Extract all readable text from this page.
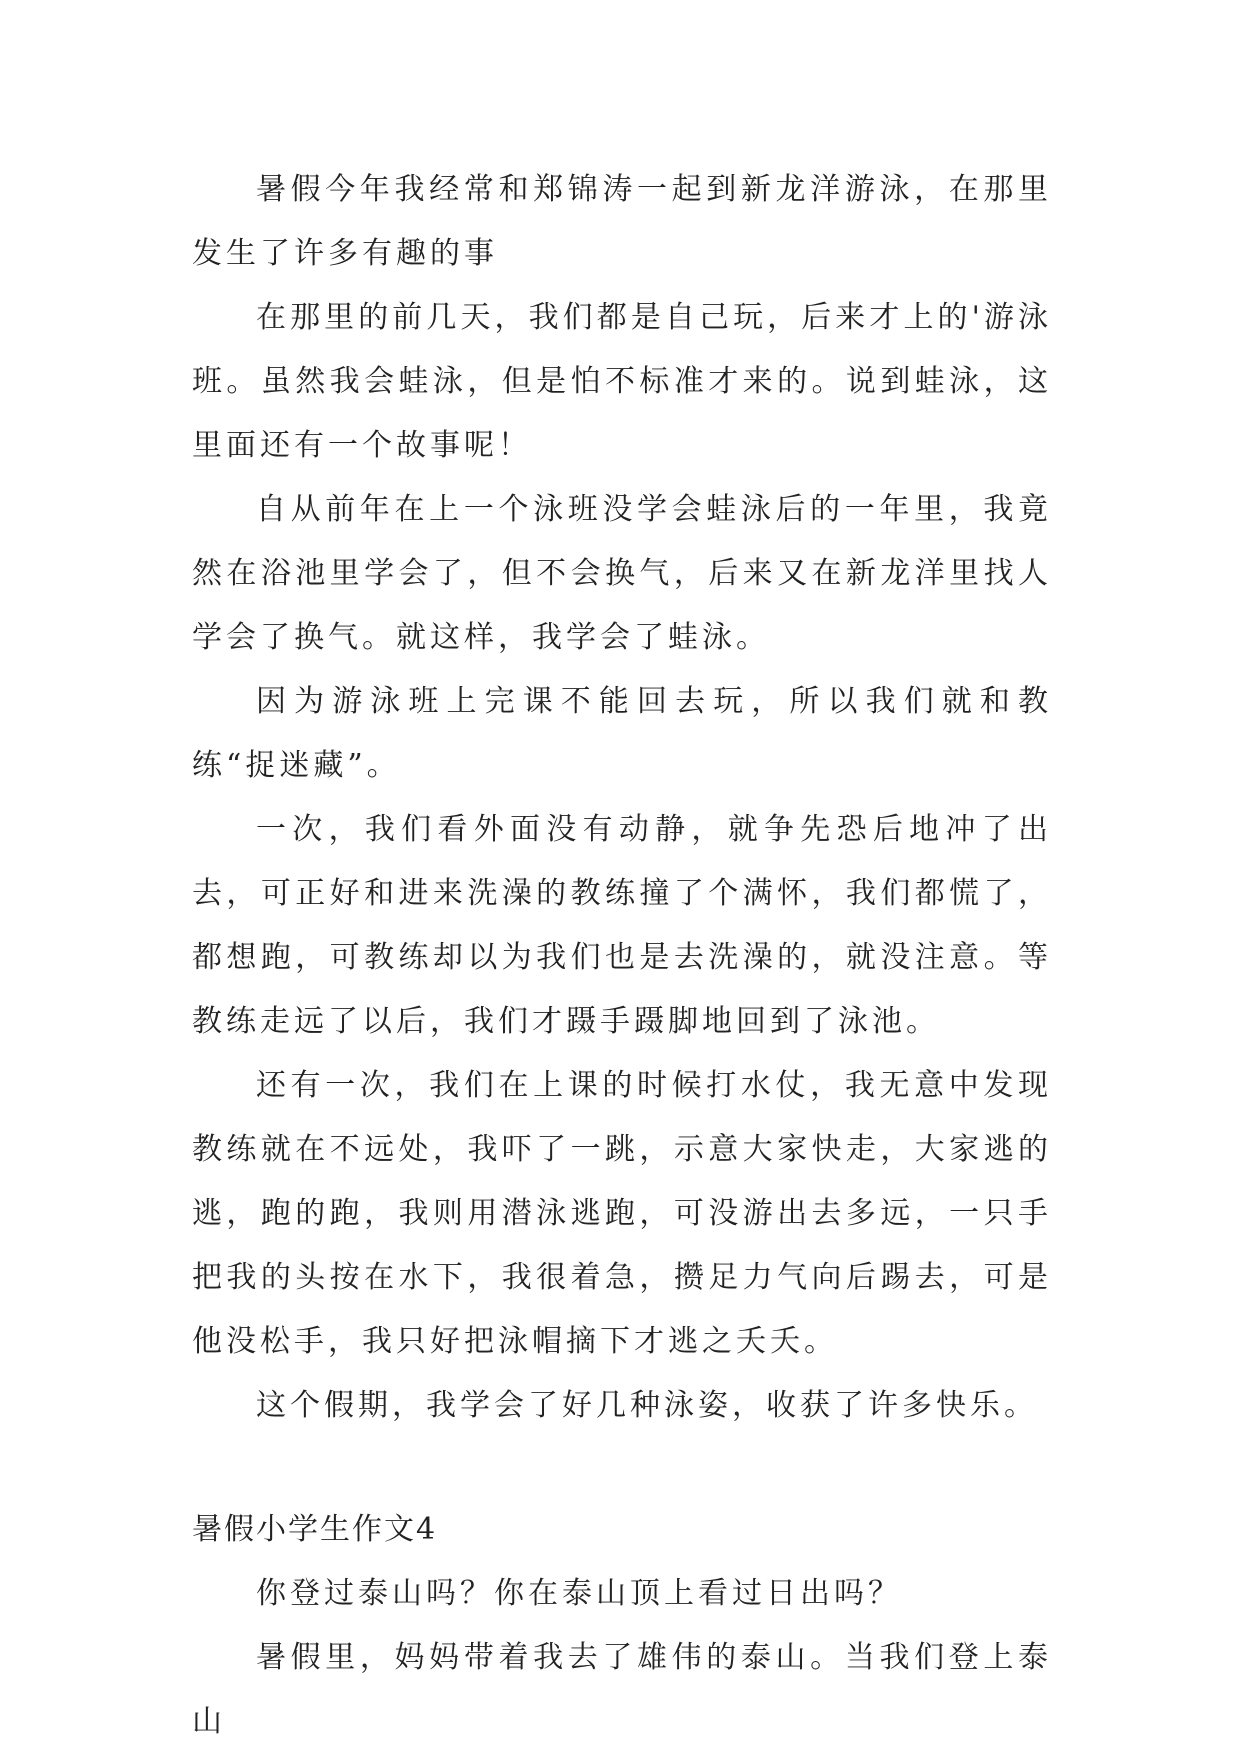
暑假今年我经常和郑锦涛一起到新龙洋游泳，在那里发生了许多有趣的事

在那里的前几天，我们都是自己玩，后来才上的'游泳班。虽然我会蛙泳，但是怕不标准才来的。说到蛙泳，这里面还有一个故事呢！

自从前年在上一个泳班没学会蛙泳后的一年里，我竟然在浴池里学会了，但不会换气，后来又在新龙洋里找人学会了换气。就这样，我学会了蛙泳。

因为游泳班上完课不能回去玩，所以我们就和教练“捉迷藏”。

一次，我们看外面没有动静，就争先恐后地冲了出去，可正好和进来洗澡的教练撞了个满怀，我们都慌了，都想跑，可教练却以为我们也是去洗澡的，就没注意。等教练走远了以后，我们才蹑手蹑脚地回到了泳池。

还有一次，我们在上课的时候打水仗，我无意中发现教练就在不远处，我吓了一跳，示意大家快走，大家逃的逃，跑的跑，我则用潜泳逃跑，可没游出去多远，一只手把我的头按在水下，我很着急，攒足力气向后踢去，可是他没松手，我只好把泳帽摘下才逃之夭夭。

这个假期，我学会了好几种泳姿，收获了许多快乐。

暑假小学生作文4

你登过泰山吗？你在泰山顶上看过日出吗？

暑假里，妈妈带着我去了雄伟的泰山。当我们登上泰山
